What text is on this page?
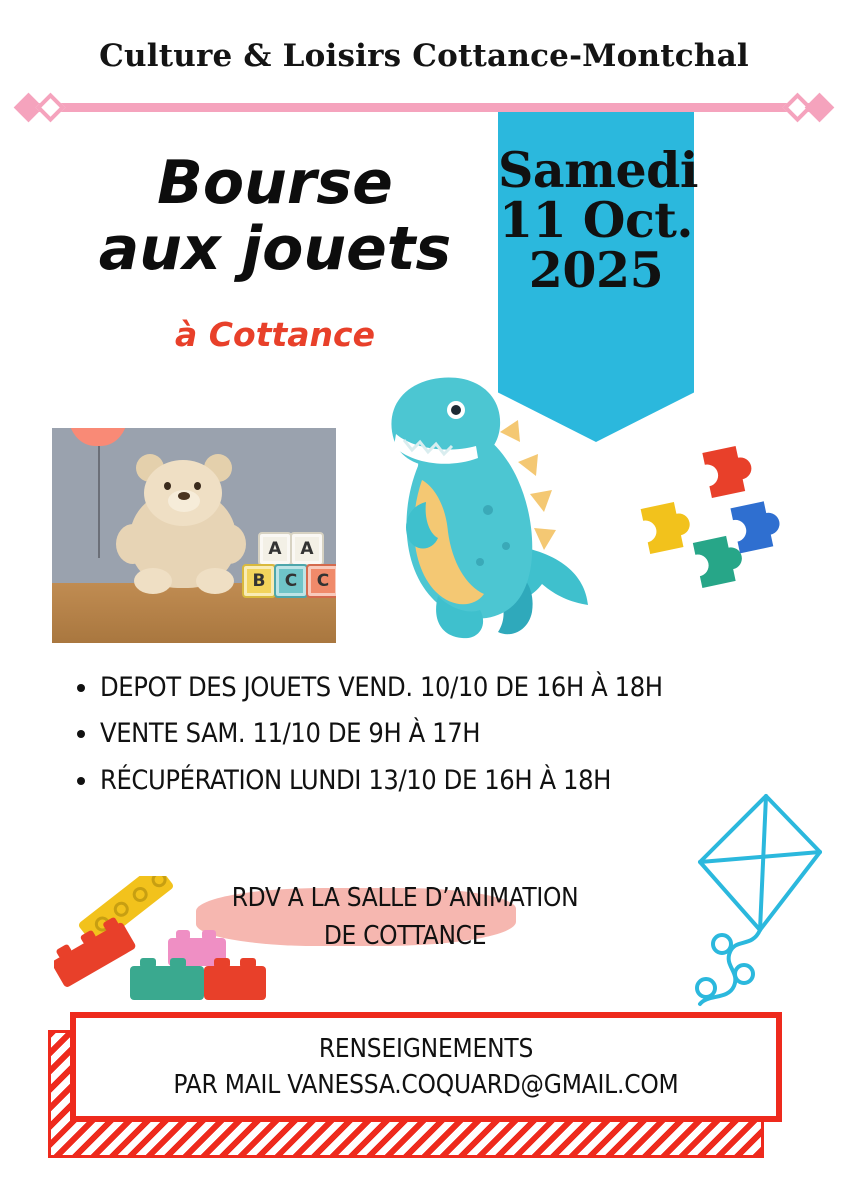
Culture & Loisirs Cottance-Montchal
Samedi
11 Oct.
2025
Bourse
aux jouets
à Cottance
A	A
B	C	C
• DEPOT DES JOUETS VEND. 10/10 DE 16H À 18H
• VENTE SAM. 11/10 DE 9H À 17H
• RÉCUPÉRATION LUNDI 13/10 DE 16H À 18H
RDV A LA SALLE D’ANIMATION
DE COTTANCE
RENSEIGNEMENTS
PAR MAIL VANESSA.COQUARD@GMAIL.COM
